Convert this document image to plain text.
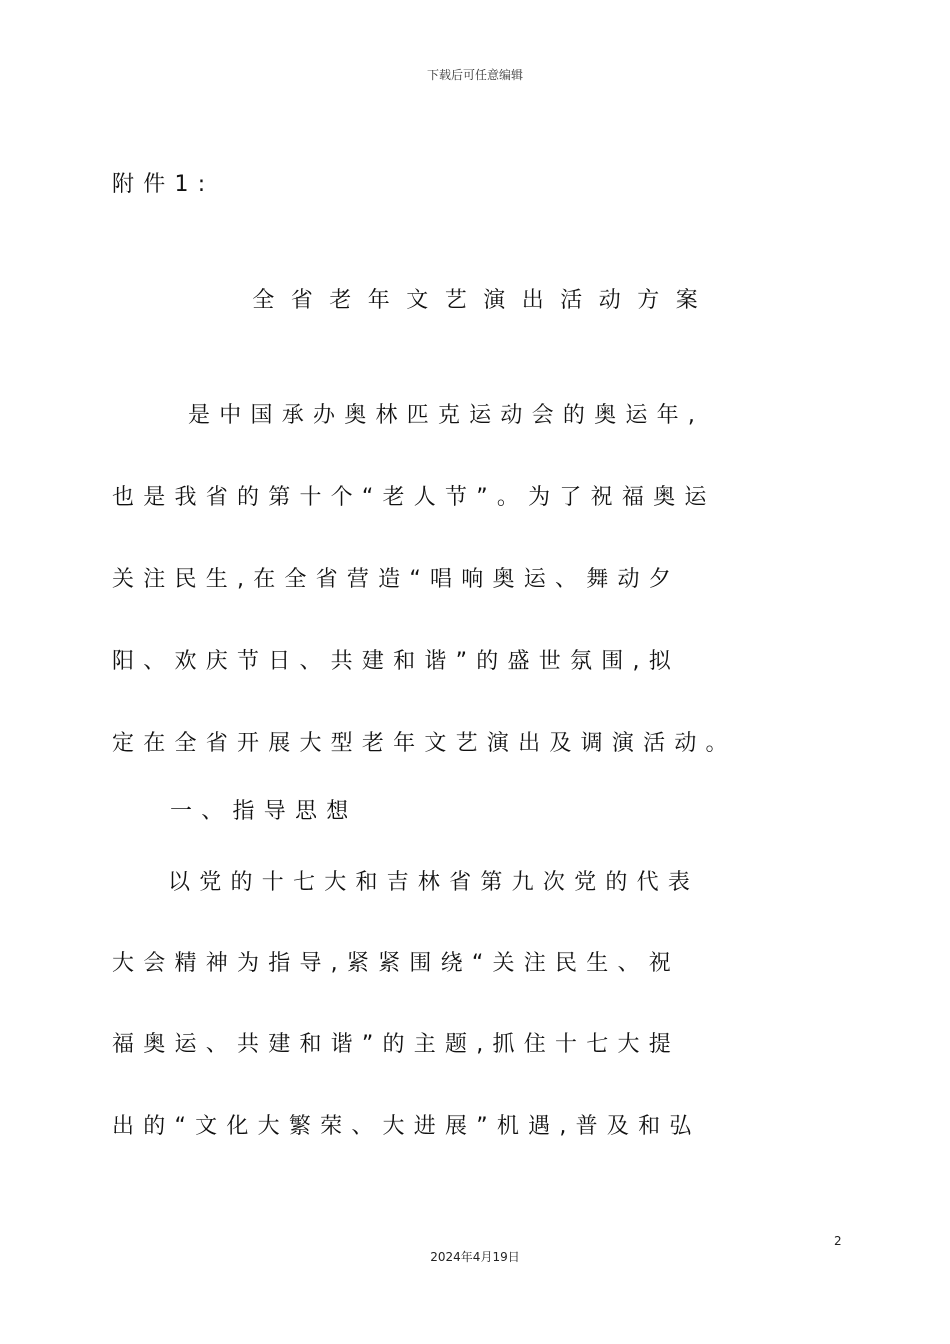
下载后可任意编辑
附件1:
全省老年文艺演出活动方案
是中国承办奥林匹克运动会的奥运年,
也是我省的第十个“老人节”。为了祝福奥运
关注民生,在全省营造“唱响奥运、舞动夕
阳、欢庆节日、共建和谐”的盛世氛围,拟
定在全省开展大型老年文艺演出及调演活动。
一、指导思想
以党的十七大和吉林省第九次党的代表
大会精神为指导,紧紧围绕“关注民生、祝
福奥运、共建和谐”的主题,抓住十七大提
出的“文化大繁荣、大进展”机遇,普及和弘
2
2024年4月19日
